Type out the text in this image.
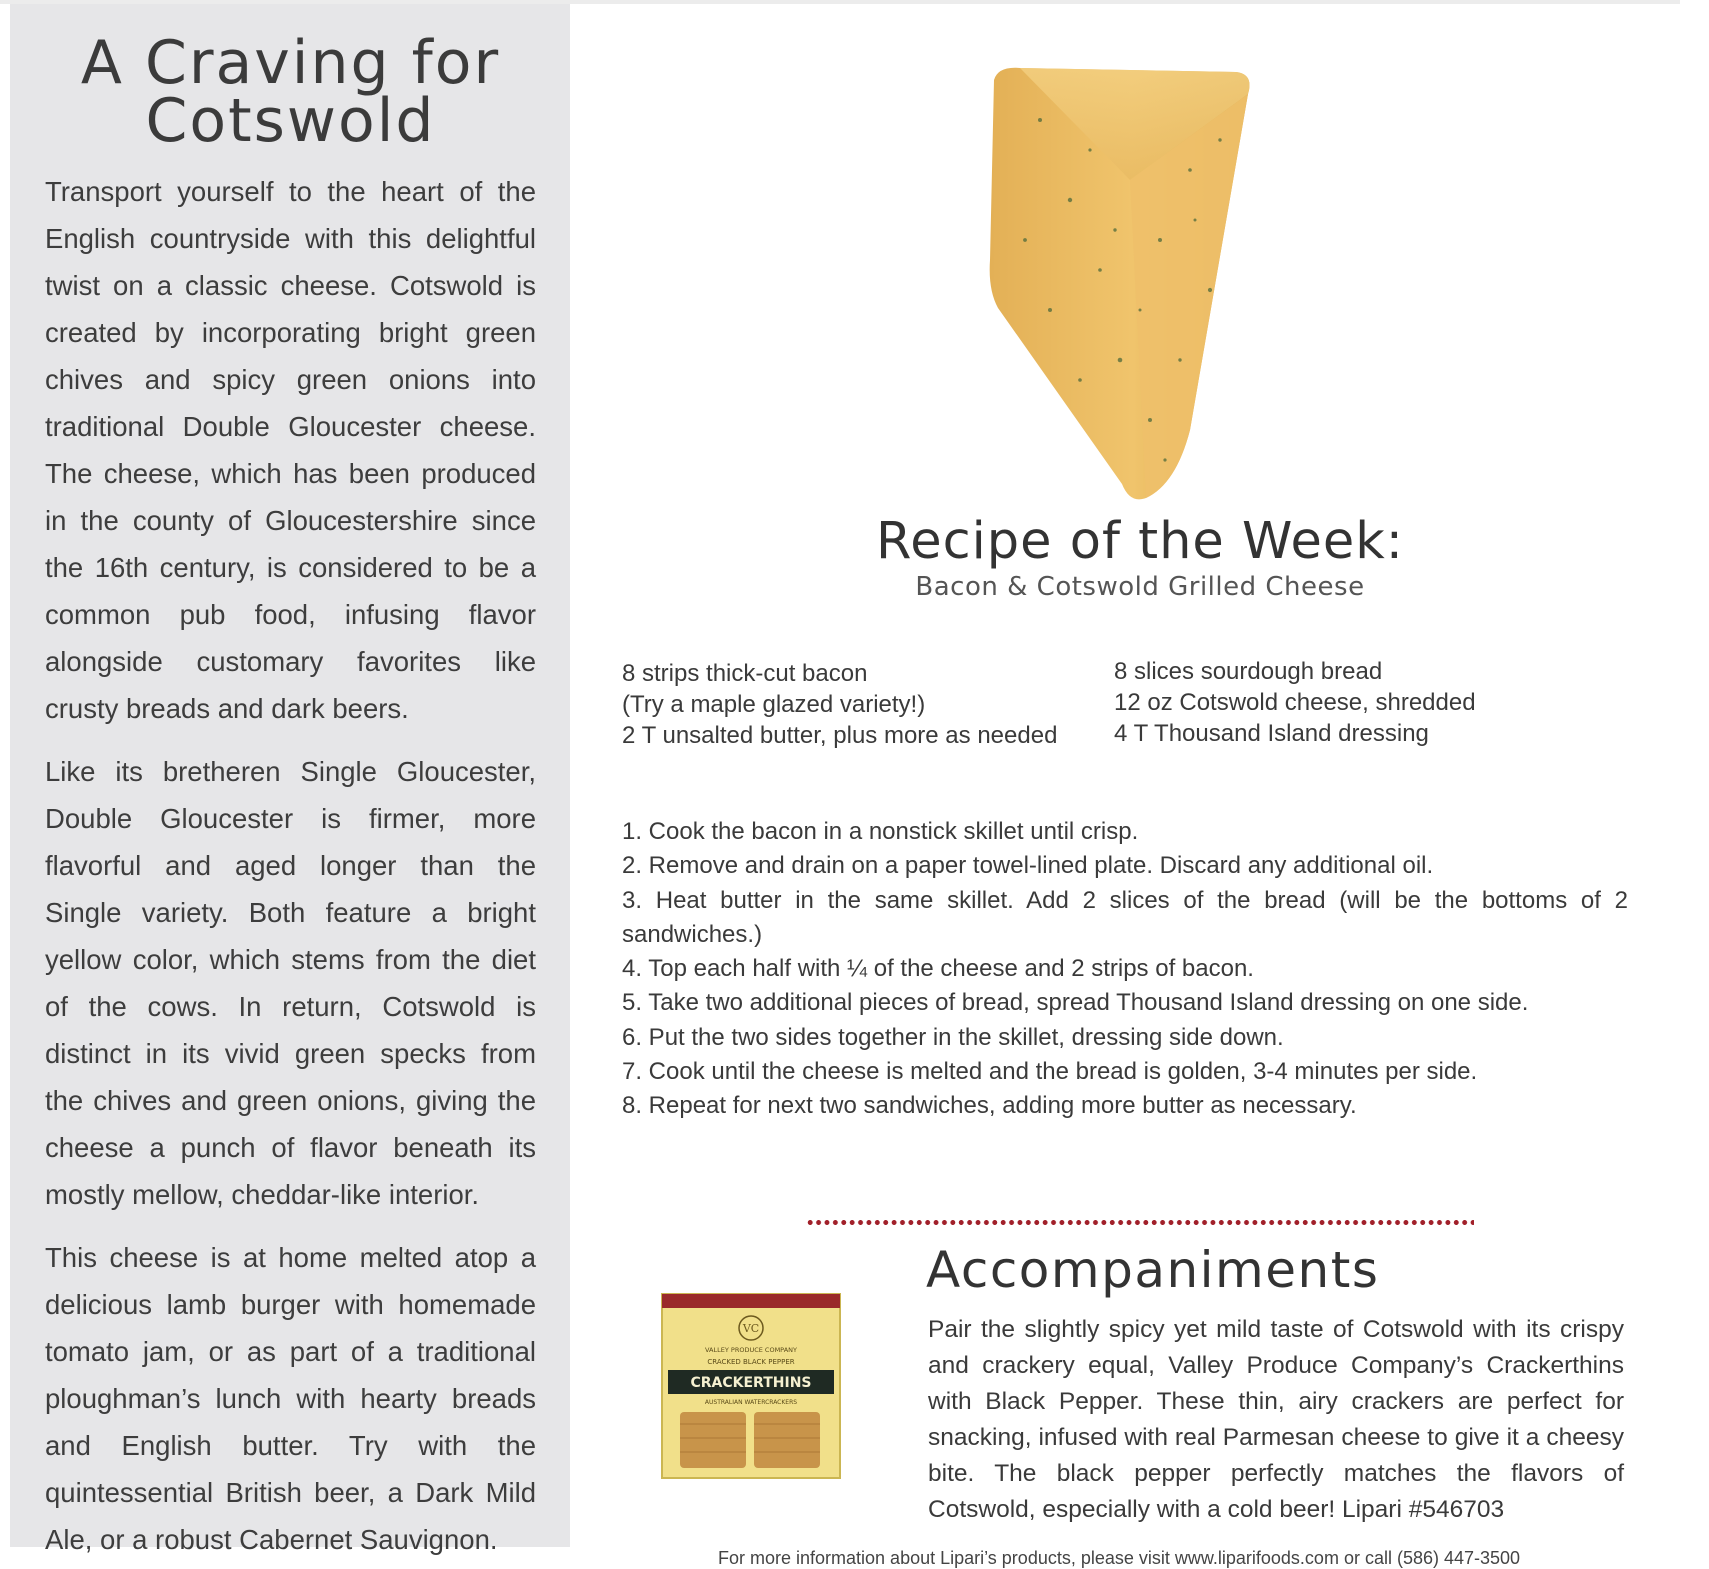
A Craving for
Cotswold

Transport yourself to the heart of the English countryside with this delightful twist on a classic cheese. Cotswold is created by incorporating bright green chives and spicy green onions into traditional Double Gloucester cheese. The cheese, which has been produced in the county of Gloucestershire since the 16th century, is considered to be a common pub food, infusing flavor alongside customary favorites like crusty breads and dark beers.

Like its bretheren Single Gloucester, Double Gloucester is firmer, more flavorful and aged longer than the Single variety. Both feature a bright yellow color, which stems from the diet of the cows. In return, Cotswold is distinct in its vivid green specks from the chives and green onions, giving the cheese a punch of flavor beneath its mostly mellow, cheddar-like interior.

This cheese is at home melted atop a delicious lamb burger with homemade tomato jam, or as part of a traditional ploughman’s lunch with hearty breads and English butter. Try with the quintessential British beer, a Dark Mild Ale, or a robust Cabernet Sauvignon.

Recipe of the Week:
Bacon & Cotswold Grilled Cheese
8 strips thick-cut bacon
(Try a maple glazed variety!)
2 T unsalted butter, plus more as needed
8 slices sourdough bread
12 oz Cotswold cheese, shredded
4 T Thousand Island dressing
1. Cook the bacon in a nonstick skillet until crisp.
2. Remove and drain on a paper towel-lined plate. Discard any additional oil.
3. Heat butter in the same skillet. Add 2 slices of the bread (will be the bottoms of 2 sandwiches.)
4. Top each half with ¼ of the cheese and 2 strips of bacon.
5. Take two additional pieces of bread, spread Thousand Island dressing on one side.
6. Put the two sides together in the skillet, dressing side down.
7. Cook until the cheese is melted and the bread is golden, 3-4 minutes per side.
8. Repeat for next two sandwiches, adding more butter as necessary.
VC
VALLEY PRODUCE COMPANY
CRACKED BLACK PEPPER
CRACKERTHINS
AUSTRALIAN WATERCRACKERS
Accompaniments
Pair the slightly spicy yet mild taste of Cotswold with its crispy and crackery equal, Valley Produce Company’s Crackerthins with Black Pepper. These thin, airy crackers are perfect for snacking, infused with real Parmesan cheese to give it a cheesy bite. The black pepper perfectly matches the flavors of Cotswold, especially with a cold beer! Lipari #546703
For more information about Lipari’s products, please visit www.liparifoods.com or call (586) 447-3500
